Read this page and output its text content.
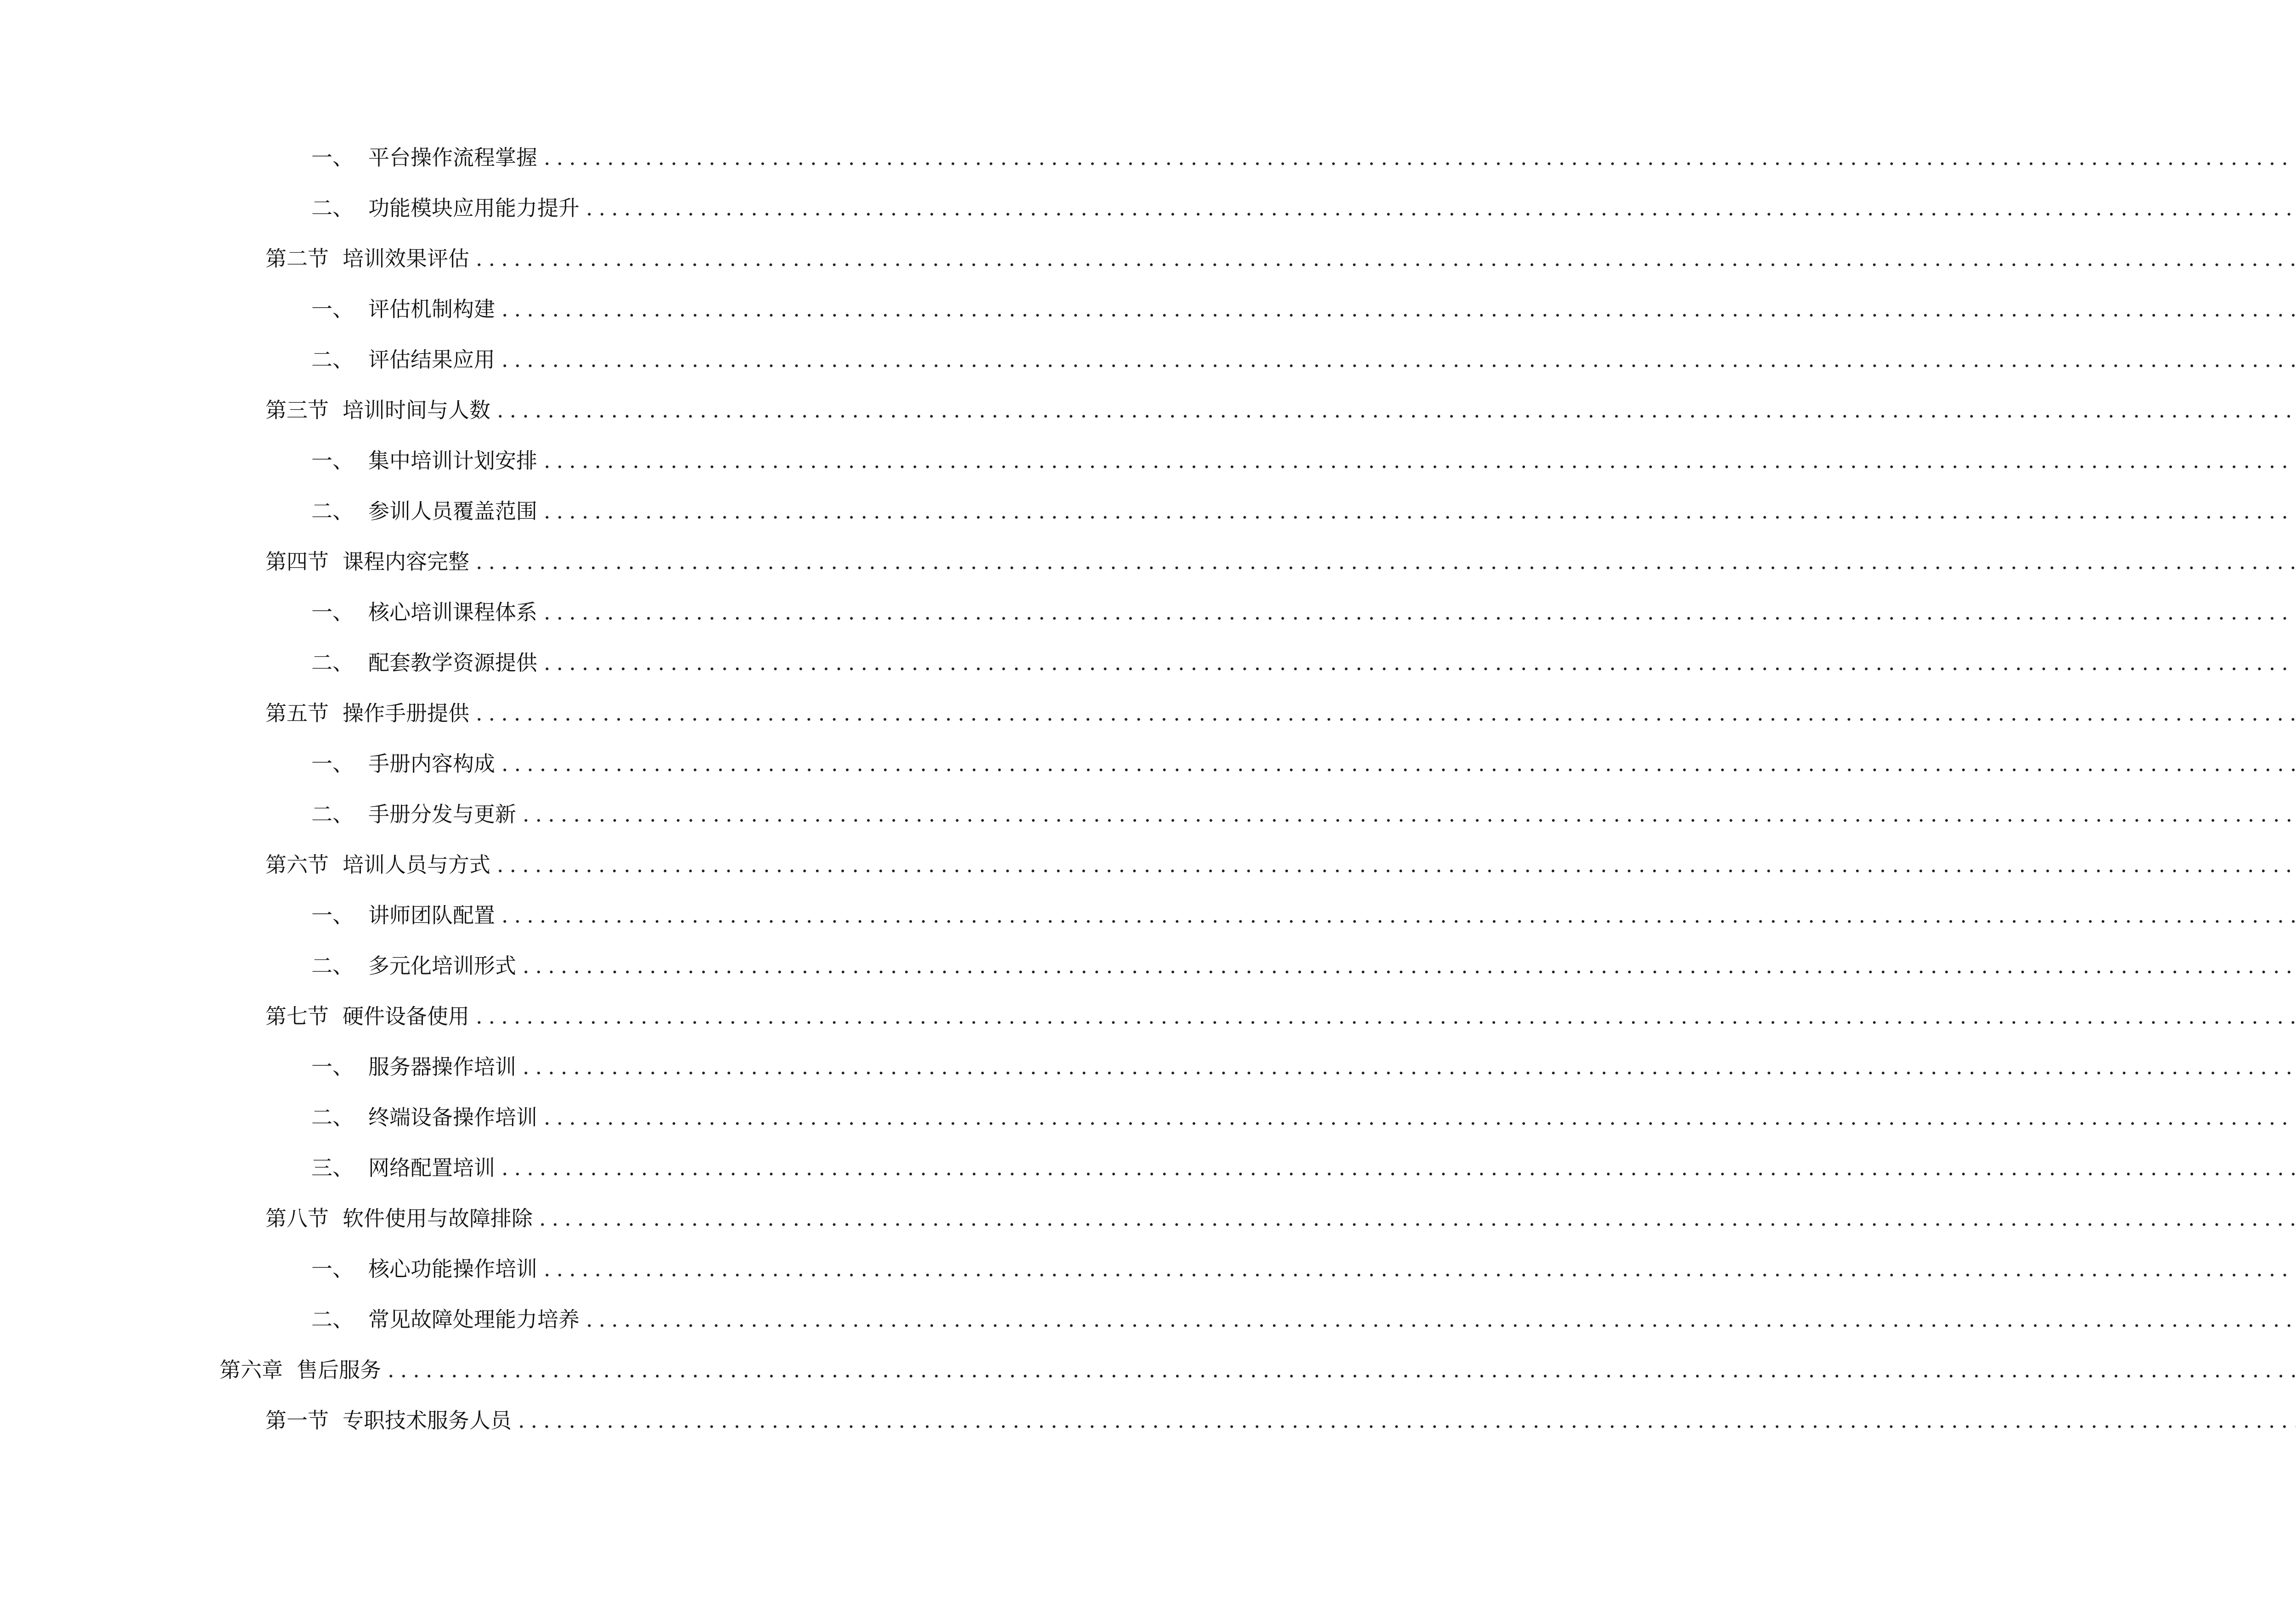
一、 平台操作流程掌握
.....
二、 功能模块应用能力提升
.....
第二节 培训效果评估
.....
一、 评估机制构建
.....
二、 评估结果应用
.....
第三节 培训时间与人数
.....
一、 集中培训计划安排
.....
二、 参训人员覆盖范围
.....
第四节 课程内容完整
.....
一、 核心培训课程体系
.....
二、 配套教学资源提供
.....
第五节 操作手册提供
.....
一、 手册内容构成
.....
二、 手册分发与更新
.....
第六节 培训人员与方式
.....
一、 讲师团队配置
.....
二、 多元化培训形式
.....
第七节 硬件设备使用
.....
一、 服务器操作培训
.....
二、 终端设备操作培训
.....
三、 网络配置培训
.....
第八节 软件使用与故障排除
.....
一、 核心功能操作培训
.....
二、 常见故障处理能力培养
.....
第六章 售后服务
.....
第一节 专职技术服务人员
.....
